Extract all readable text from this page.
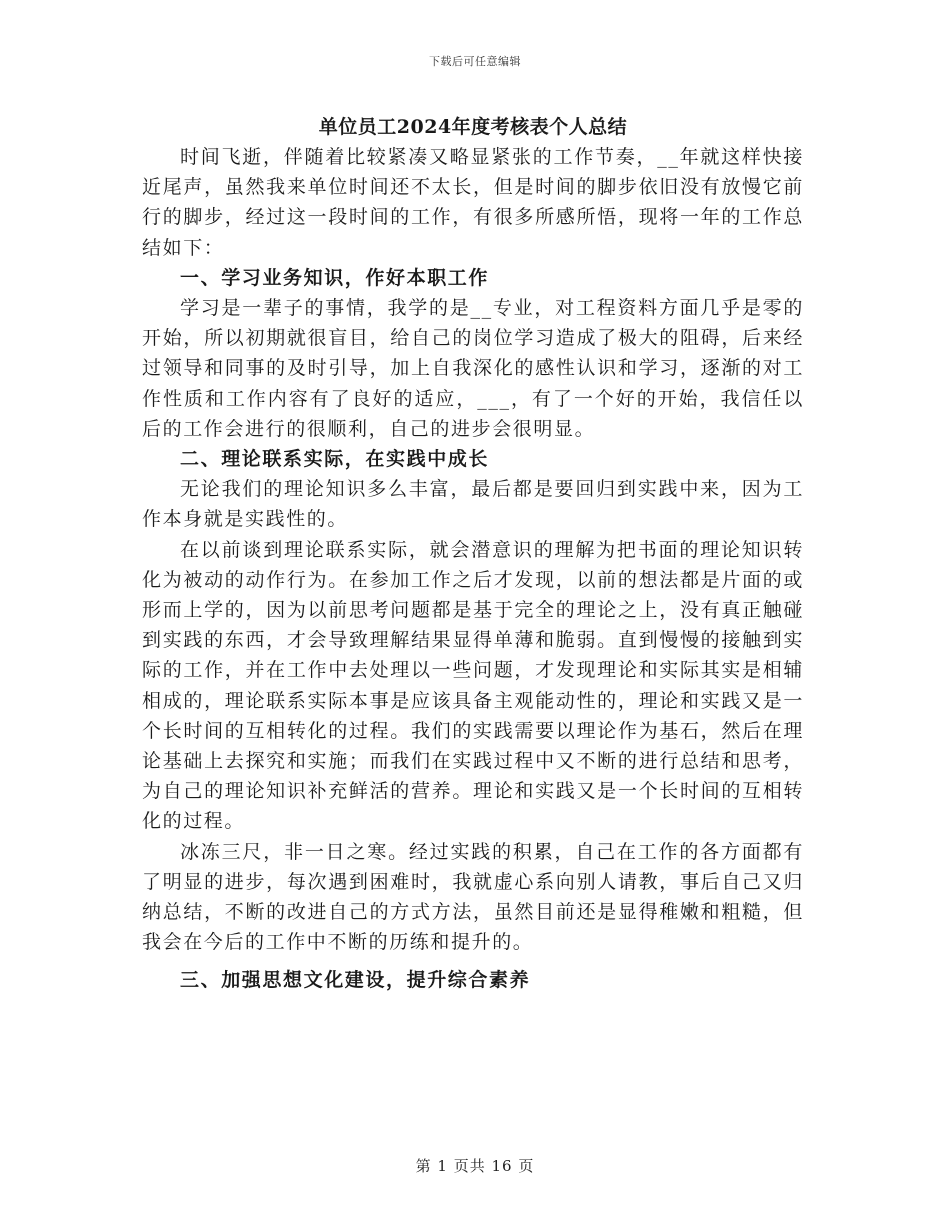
下载后可任意编辑
单位员工2024年度考核表个人总结

时间飞逝，伴随着比较紧凑又略显紧张的工作节奏，__年就这样快接近尾声，虽然我来单位时间还不太长，但是时间的脚步依旧没有放慢它前行的脚步，经过这一段时间的工作，有很多所感所悟，现将一年的工作总结如下：

一、学习业务知识，作好本职工作

学习是一辈子的事情，我学的是__专业，对工程资料方面几乎是零的开始，所以初期就很盲目，给自己的岗位学习造成了极大的阻碍，后来经过领导和同事的及时引导，加上自我深化的感性认识和学习，逐渐的对工作性质和工作内容有了良好的适应，___，有了一个好的开始，我信任以后的工作会进行的很顺利，自己的进步会很明显。

二、理论联系实际，在实践中成长

无论我们的理论知识多么丰富，最后都是要回归到实践中来，因为工作本身就是实践性的。

在以前谈到理论联系实际，就会潜意识的理解为把书面的理论知识转化为被动的动作行为。在参加工作之后才发现，以前的想法都是片面的或形而上学的，因为以前思考问题都是基于完全的理论之上，没有真正触碰到实践的东西，才会导致理解结果显得单薄和脆弱。直到慢慢的接触到实际的工作，并在工作中去处理以一些问题，才发现理论和实际其实是相辅相成的，理论联系实际本事是应该具备主观能动性的，理论和实践又是一个长时间的互相转化的过程。我们的实践需要以理论作为基石，然后在理论基础上去探究和实施；而我们在实践过程中又不断的进行总结和思考，为自己的理论知识补充鲜活的营养。理论和实践又是一个长时间的互相转化的过程。

冰冻三尺，非一日之寒。经过实践的积累，自己在工作的各方面都有了明显的进步，每次遇到困难时，我就虚心系向别人请教，事后自己又归纳总结，不断的改进自己的方式方法，虽然目前还是显得稚嫩和粗糙，但我会在今后的工作中不断的历练和提升的。

三、加强思想文化建设，提升综合素养

第 1 页共 16 页
